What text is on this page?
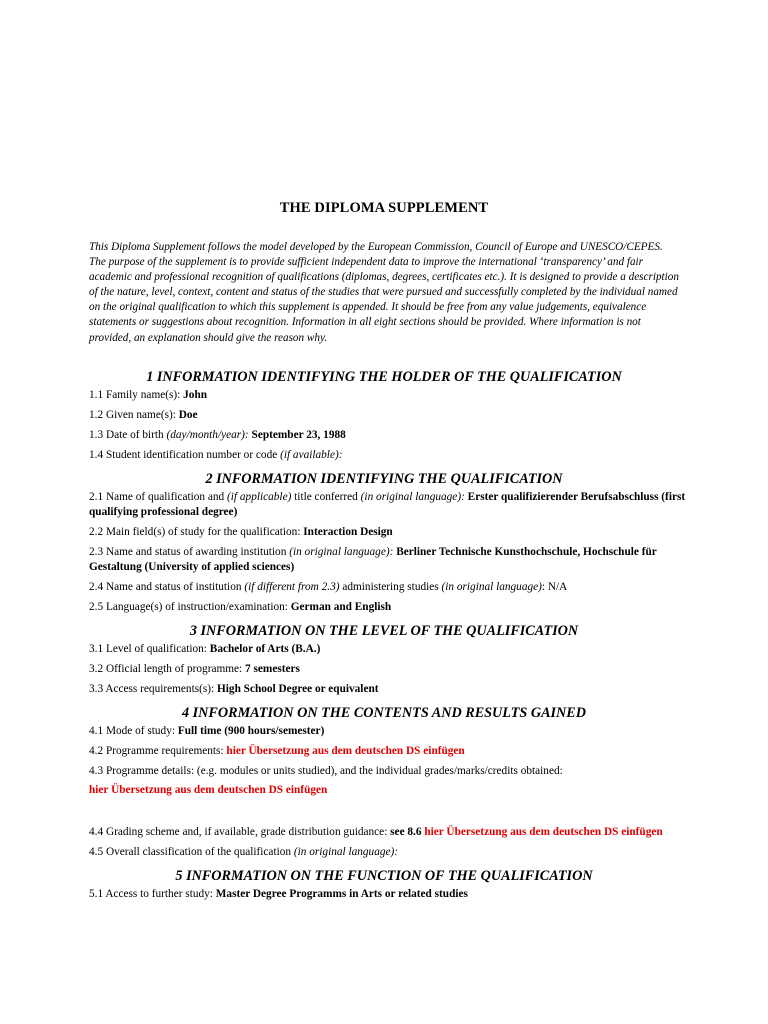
THE DIPLOMA SUPPLEMENT

This Diploma Supplement follows the model developed by the European Commission, Council of Europe and UNESCO/CEPES. The purpose of the supplement is to provide sufficient independent data to improve the international ‘transparency’ and fair academic and professional recognition of qualifications (diplomas, degrees, certificates etc.). It is designed to provide a description of the nature, level, context, content and status of the studies that were pursued and successfully completed by the individual named on the original qualification to which this supplement is appended. It should be free from any value judgements, equivalence statements or suggestions about recognition. Information in all eight sections should be provided. Where information is not provided, an explanation should give the reason why.

1 INFORMATION IDENTIFYING THE HOLDER OF THE QUALIFICATION
1.1 Family name(s): John
1.2 Given name(s): Doe
1.3 Date of birth (day/month/year): September 23, 1988
1.4 Student identification number or code (if available):
2 INFORMATION IDENTIFYING THE QUALIFICATION
2.1 Name of qualification and (if applicable) title conferred (in original language): Erster qualifizierender Berufsabschluss (first qualifying professional degree)
2.2 Main field(s) of study for the qualification: Interaction Design
2.3 Name and status of awarding institution (in original language): Berliner Technische Kunsthochschule, Hochschule für Gestaltung (University of applied sciences)
2.4 Name and status of institution (if different from 2.3) administering studies (in original language): N/A
2.5 Language(s) of instruction/examination: German and English
3 INFORMATION ON THE LEVEL OF THE QUALIFICATION
3.1 Level of qualification: Bachelor of Arts (B.A.)
3.2 Official length of programme: 7 semesters
3.3 Access requirements(s): High School Degree or equivalent
4 INFORMATION ON THE CONTENTS AND RESULTS GAINED
4.1 Mode of study: Full time (900 hours/semester)
4.2 Programme requirements: hier Übersetzung aus dem deutschen DS einfügen
4.3 Programme details: (e.g. modules or units studied), and the individual grades/marks/credits obtained:
hier Übersetzung aus dem deutschen DS einfügen
4.4 Grading scheme and, if available, grade distribution guidance: see 8.6 hier Übersetzung aus dem deutschen DS einfügen
4.5 Overall classification of the qualification (in original language):
5 INFORMATION ON THE FUNCTION OF THE QUALIFICATION
5.1 Access to further study: Master Degree Programms in Arts or related studies
